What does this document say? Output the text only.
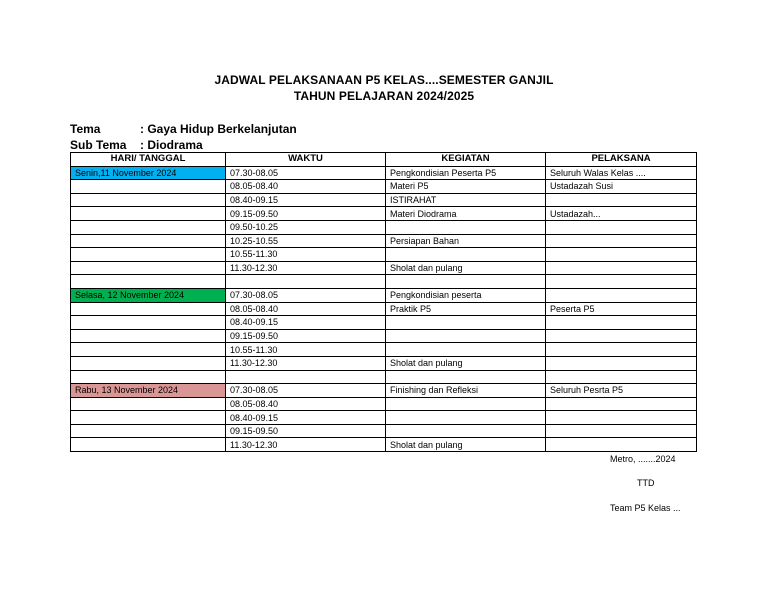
JADWAL PELAKSANAAN P5 KELAS....SEMESTER GANJIL
TAHUN PELAJARAN 2024/2025
Tema	: Gaya Hidup Berkelanjutan
Sub Tema : Diodrama
HARI/ TANGGAL	WAKTU	KEGIATAN	PELAKSANA
Senin,11 November 2024	07.30-08.05	Pengkondisian Peserta P5	Seluruh Walas Kelas ....
	08.05-08.40	Materi P5	Ustadazah Susi
	08.40-09.15	ISTIRAHAT	
	09.15-09.50	Materi Diodrama	Ustadazah...
	09.50-10.25		
	10.25-10.55	Persiapan Bahan	
	10.55-11.30		
	11.30-12.30	Sholat dan pulang	

Selasa, 12 November 2024	07.30-08.05	Pengkondisian peserta	
	08.05-08.40	Praktik P5	Peserta P5
	08.40-09.15		
	09.15-09.50		
	10.55-11.30		
	11.30-12.30	Sholat dan pulang	

Rabu, 13 November 2024	07.30-08.05	Finishing dan Refleksi	Seluruh Pesrta P5
	08.05-08.40		
	08.40-09.15		
	09.15-09.50		
	11.30-12.30	Sholat dan pulang	
Metro, .......2024
TTD
Team P5 Kelas ...
